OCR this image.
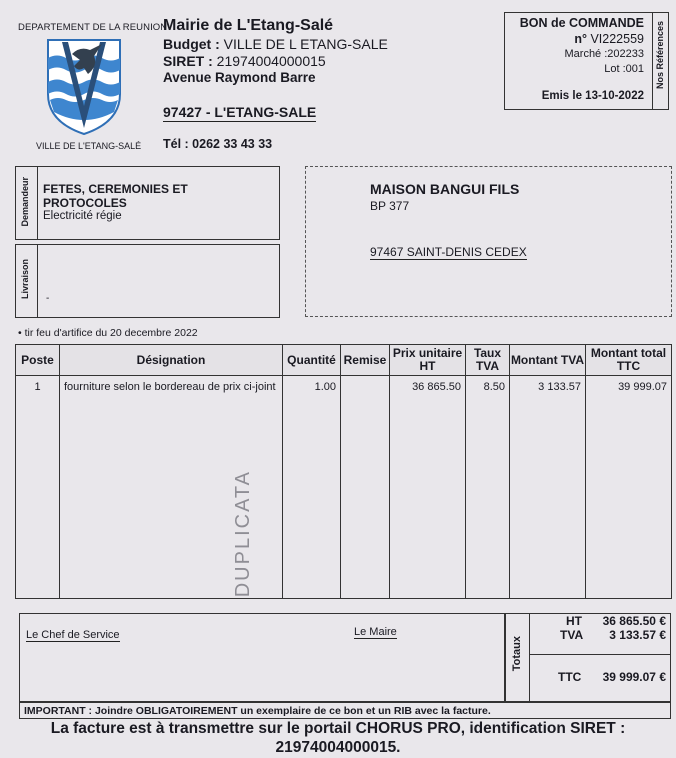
DEPARTEMENT DE LA REUNION
VILLE DE L'ETANG-SALÉ
Mairie de L'Etang-Salé
Budget : VILLE DE L ETANG-SALE
SIRET : 21974004000015
Avenue Raymond Barre
97427 - L'ETANG-SALE
Tél : 0262 33 43 33
BON de COMMANDE
n° VI222559
Marché :202233
Lot :001
Emis le 13-10-2022
Nos Références
Demandeur FETES, CEREMONIES ET
PROTOCOLES
Electricité régie
Livraison -
MAISON BANGUI FILS
BP 377
97467 SAINT-DENIS CEDEX
• tir feu d'artifice du 20 decembre 2022
Poste	Désignation	Quantité	Remise	Prix unitaire HT	Taux TVA	Montant TVA	Montant total TTC
1	fourniture selon le bordereau de prix ci-joint	1.00		36 865.50	8.50	3 133.57	39 999.07
DUPLICATA
Le Chef de Service	Le Maire
Totaux
HT 36 865.50 €
TVA 3 133.57 €
TTC 39 999.07 €
IMPORTANT : Joindre OBLIGATOIREMENT un exemplaire de ce bon et un RIB avec la facture.
La facture est à transmettre sur le portail CHORUS PRO, identification SIRET : 21974004000015.
